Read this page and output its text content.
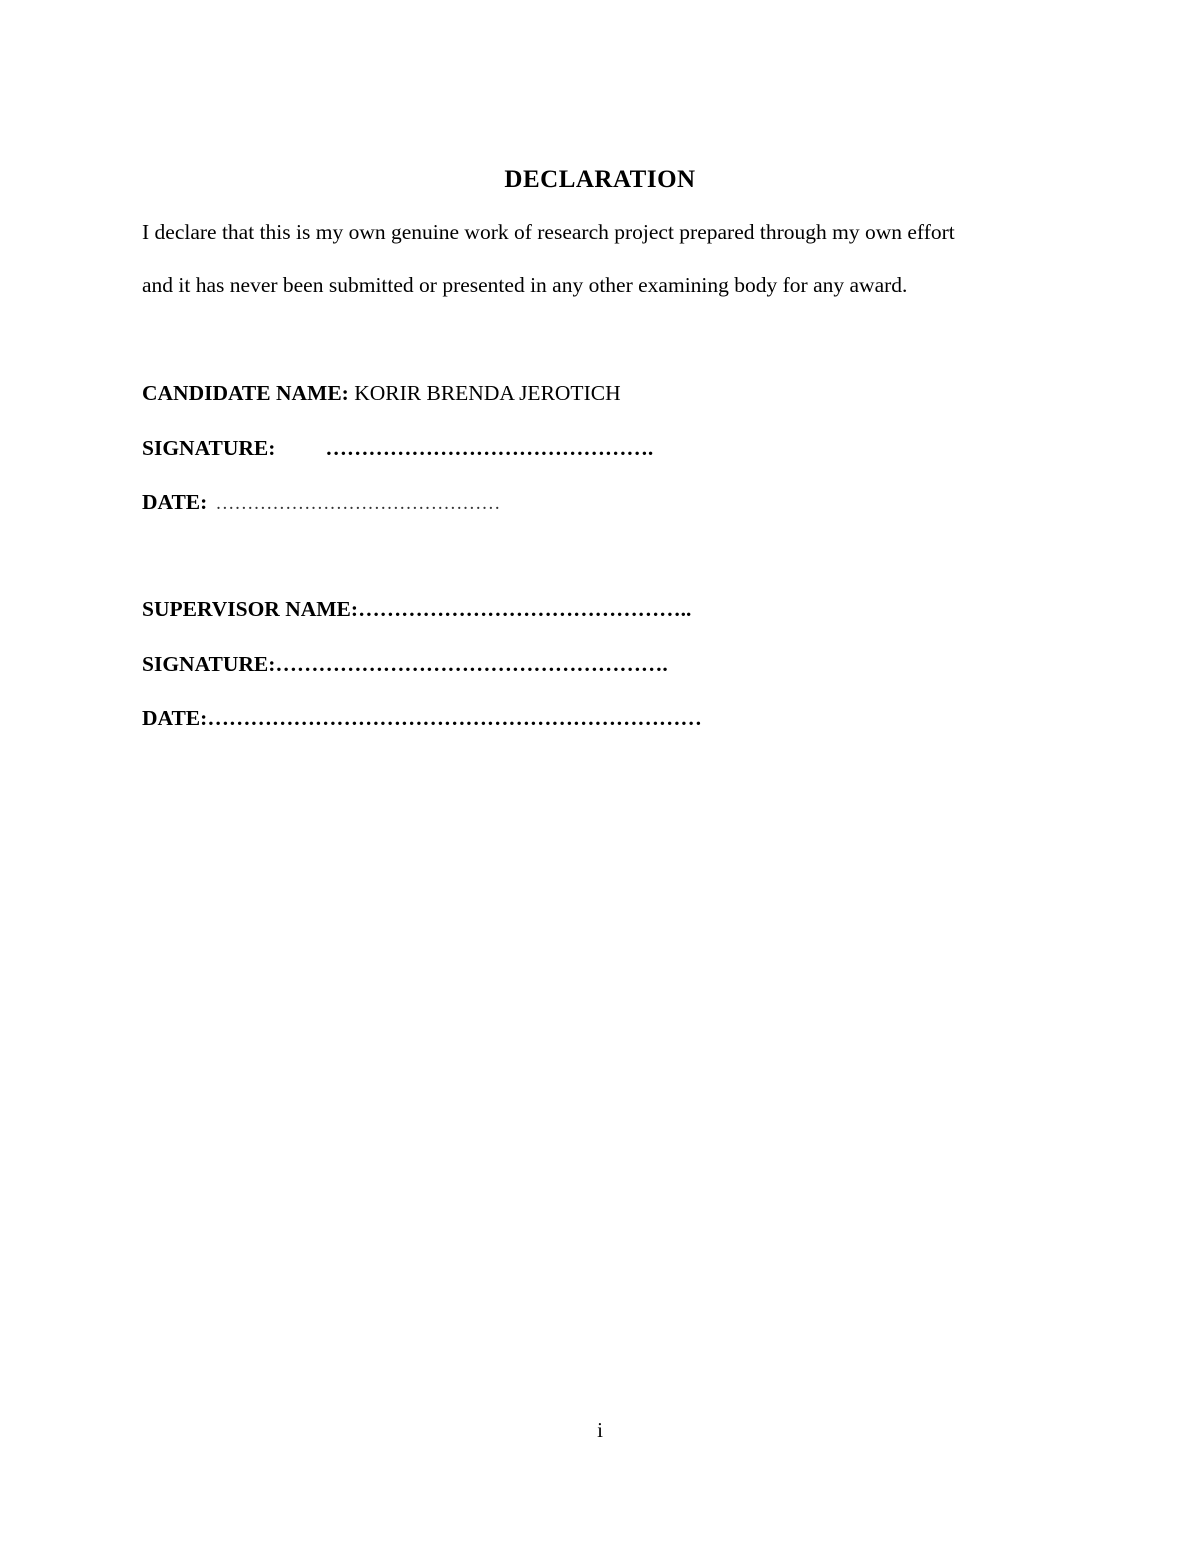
DECLARATION
I declare that this is my own genuine work of research project prepared through my own effort
and it has never been submitted or presented in any other examining body for any award.
CANDIDATE NAME: KORIR BRENDA JEROTICH
SIGNATURE: ……………………………………….
DATE: ………………………………………
SUPERVISOR NAME:………………………………………..
SIGNATURE:……………………………………………….
DATE:……………………………………………………………
i
